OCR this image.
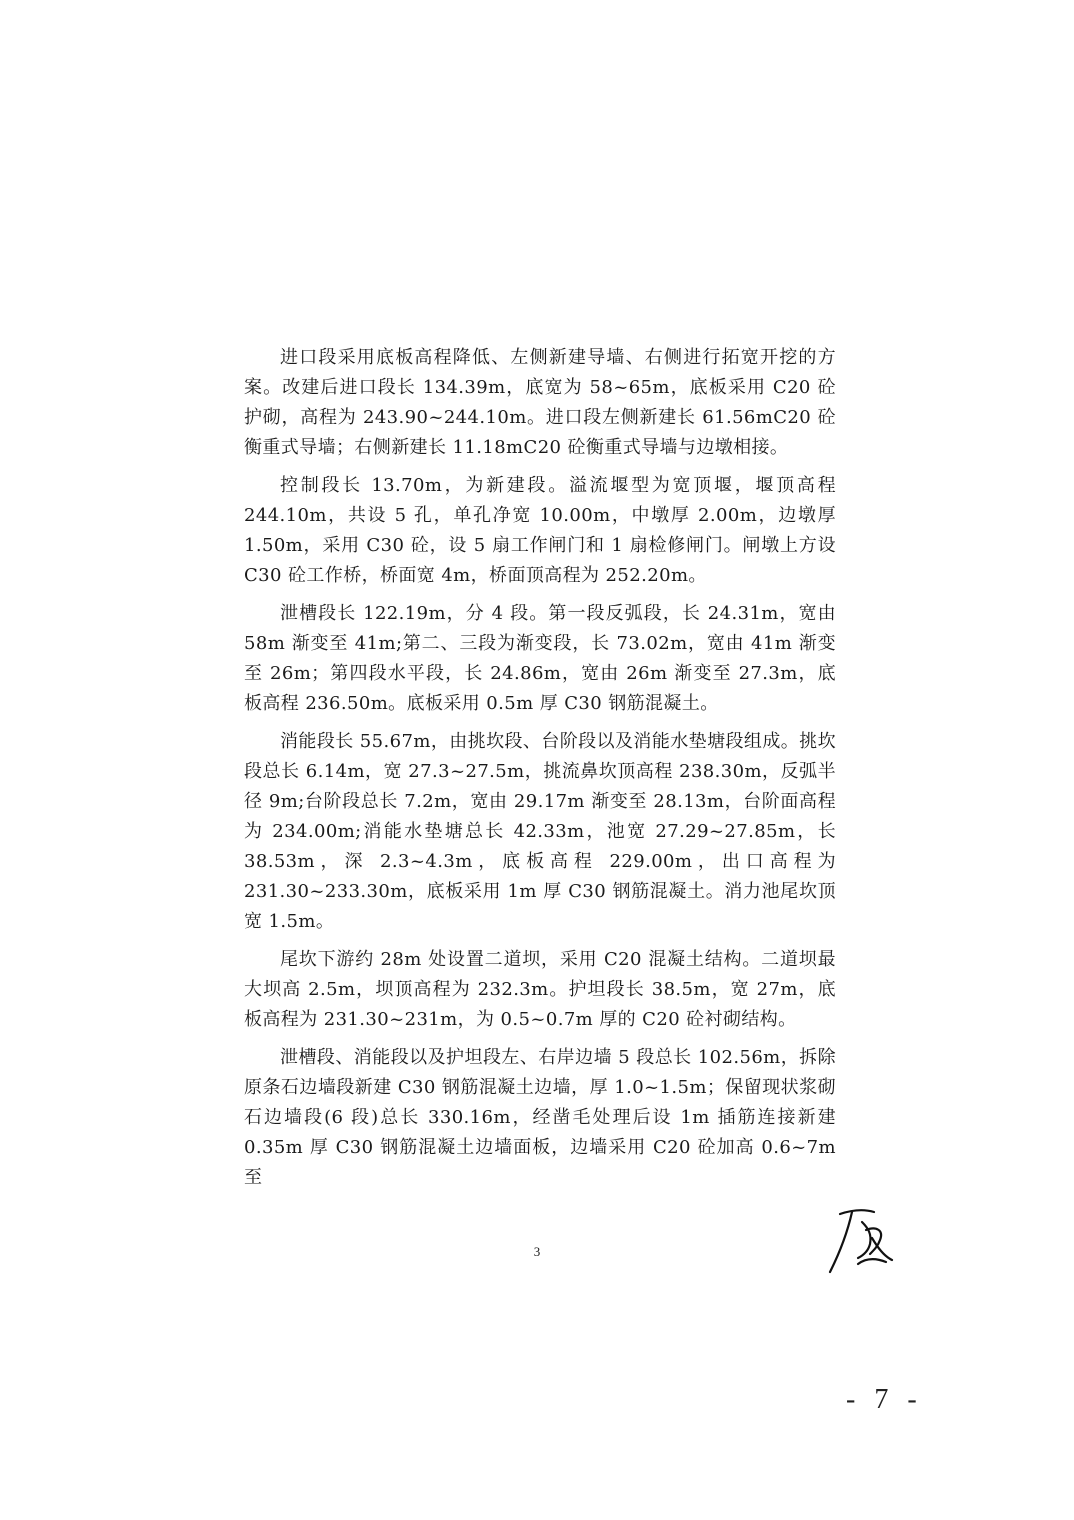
进口段采用底板高程降低、左侧新建导墙、右侧进行拓宽开挖的方案。改建后进口段长 134.39m，底宽为 58~65m，底板采用 C20 砼护砌，高程为 243.90~244.10m。进口段左侧新建长 61.56mC20 砼衡重式导墙；右侧新建长 11.18mC20 砼衡重式导墙与边墩相接。

控制段长 13.70m，为新建段。溢流堰型为宽顶堰，堰顶高程 244.10m，共设 5 孔，单孔净宽 10.00m，中墩厚 2.00m，边墩厚 1.50m，采用 C30 砼，设 5 扇工作闸门和 1 扇检修闸门。闸墩上方设 C30 砼工作桥，桥面宽 4m，桥面顶高程为 252.20m。

泄槽段长 122.19m，分 4 段。第一段反弧段，长 24.31m，宽由 58m 渐变至 41m;第二、三段为渐变段，长 73.02m，宽由 41m 渐变至 26m；第四段水平段，长 24.86m，宽由 26m 渐变至 27.3m，底板高程 236.50m。底板采用 0.5m 厚 C30 钢筋混凝土。

消能段长 55.67m，由挑坎段、台阶段以及消能水垫塘段组成。挑坎段总长 6.14m，宽 27.3~27.5m，挑流鼻坎顶高程 238.30m，反弧半径 9m;台阶段总长 7.2m，宽由 29.17m 渐变至 28.13m，台阶面高程为 234.00m;消能水垫塘总长 42.33m，池宽 27.29~27.85m，长 38.53m，深 2.3~4.3m，底板高程 229.00m，出口高程为 231.30~233.30m，底板采用 1m 厚 C30 钢筋混凝土。消力池尾坎顶宽 1.5m。

尾坎下游约 28m 处设置二道坝，采用 C20 混凝土结构。二道坝最大坝高 2.5m，坝顶高程为 232.3m。护坦段长 38.5m，宽 27m，底板高程为 231.30~231m，为 0.5~0.7m 厚的 C20 砼衬砌结构。

泄槽段、消能段以及护坦段左、右岸边墙 5 段总长 102.56m，拆除原条石边墙段新建 C30 钢筋混凝土边墙，厚 1.0~1.5m；保留现状浆砌石边墙段(6 段)总长 330.16m，经凿毛处理后设 1m 插筋连接新建 0.35m 厚 C30 钢筋混凝土边墙面板，边墙采用 C20 砼加高 0.6~7m 至

3
- 7 -
